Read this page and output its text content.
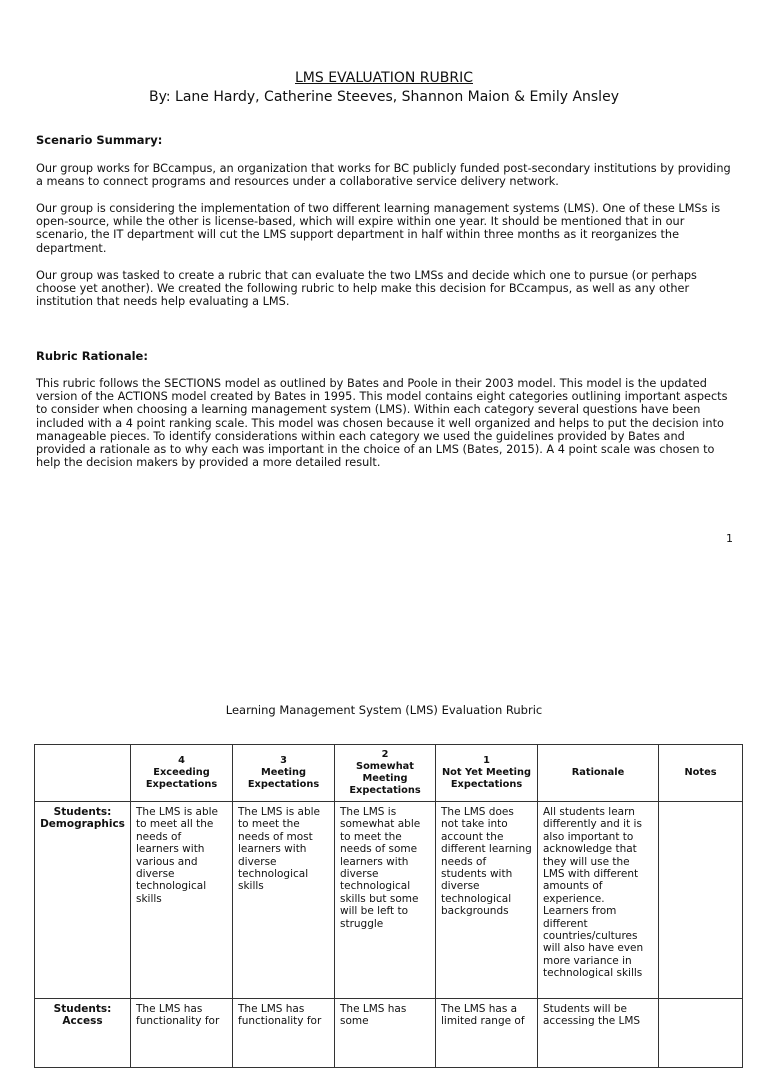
LMS EVALUATION RUBRIC
By: Lane Hardy, Catherine Steeves, Shannon Maion & Emily Ansley
Scenario Summary:

Our group works for BCcampus, an organization that works for BC publicly funded post-secondary institutions by providing a means to connect programs and resources under a collaborative service delivery network.

Our group is considering the implementation of two different learning management systems (LMS). One of these LMSs is open-source, while the other is license-based, which will expire within one year. It should be mentioned that in our scenario, the IT department will cut the LMS support department in half within three months as it reorganizes the department.

Our group was tasked to create a rubric that can evaluate the two LMSs and decide which one to pursue (or perhaps choose yet another). We created the following rubric to help make this decision for BCcampus, as well as any other institution that needs help evaluating a LMS.

Rubric Rationale:

This rubric follows the SECTIONS model as outlined by Bates and Poole in their 2003 model. This model is the updated version of the ACTIONS model created by Bates in 1995. This model contains eight categories outlining important aspects to consider when choosing a learning management system (LMS). Within each category several questions have been included with a 4 point ranking scale. This model was chosen because it well organized and helps to put the decision into manageable pieces. To identify considerations within each category we used the guidelines provided by Bates and provided a rationale as to why each was important in the choice of an LMS (Bates, 2015). A 4 point scale was chosen to help the decision makers by provided a more detailed result.

1
Learning Management System (LMS) Evaluation Rubric

	4
Exceeding Expectations	3
Meeting Expectations	2
Somewhat Meeting Expectations	1
Not Yet Meeting Expectations	Rationale	Notes

Students:
Demographics	The LMS is able to meet all the needs of learners with various and diverse technological skills	The LMS is able to meet the needs of most learners with diverse technological skills	The LMS is somewhat able to meet the needs of some learners with diverse technological skills but some will be left to struggle	The LMS does not take into account the different learning needs of students with diverse technological backgrounds	All students learn differently and it is also important to acknowledge that they will use the LMS with different amounts of experience. Learners from different countries/cultures will also have even more variance in technological skills	

Students:
Access	The LMS has functionality for	The LMS has functionality for	The LMS has some	The LMS has a limited range of	Students will be accessing the LMS	
